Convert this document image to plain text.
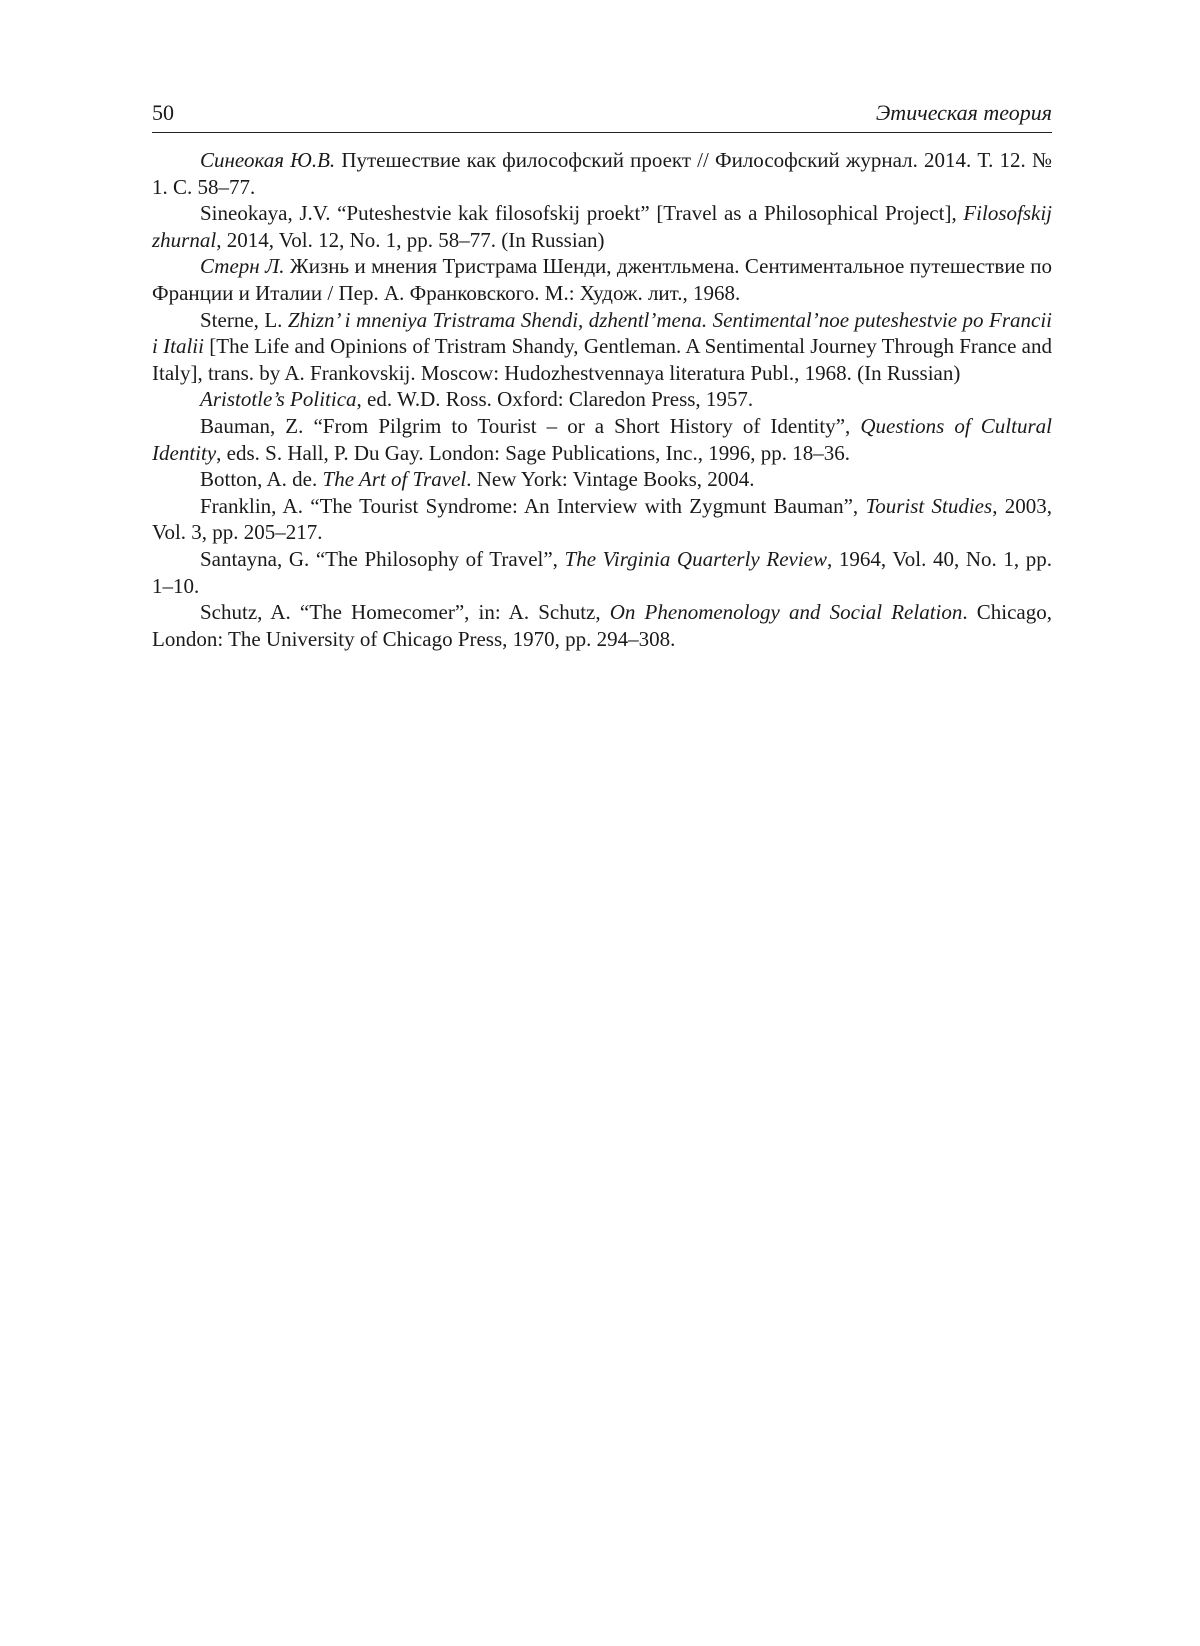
50	Этическая теория

Синеокая Ю.В. Путешествие как философский проект // Философский журнал. 2014. Т. 12. № 1. С. 58–77.

Sineokaya, J.V. “Puteshestvie kak filosofskij proekt” [Travel as a Philosophical Project], Filosofskij zhurnal, 2014, Vol. 12, No. 1, pp. 58–77. (In Russian)

Стерн Л. Жизнь и мнения Тристрама Шенди, джентльмена. Сентиментальное путешествие по Франции и Италии / Пер. А. Франковского. М.: Худож. лит., 1968.

Sterne, L. Zhizn’ i mneniya Tristrama Shendi, dzhentl’mena. Sentimental’noe puteshestvie po Francii i Italii [The Life and Opinions of Tristram Shandy, Gentleman. A Sentimental Journey Through France and Italy], trans. by A. Frankovskij. Moscow: Hudozhestvennaya literatura Publ., 1968. (In Russian)

Aristotle’s Politica, ed. W.D. Ross. Oxford: Claredon Press, 1957.

Bauman, Z. “From Pilgrim to Tourist – or a Short History of Identity”, Questions of Cultural Identity, eds. S. Hall, P. Du Gay. London: Sage Publications, Inc., 1996, pp. 18–36.

Botton, A. de. The Art of Travel. New York: Vintage Books, 2004.

Franklin, A. “The Tourist Syndrome: An Interview with Zygmunt Bauman”, Tourist Studies, 2003, Vol. 3, pp. 205–217.

Santayna, G. “The Philosophy of Travel”, The Virginia Quarterly Review, 1964, Vol. 40, No. 1, pp. 1–10.

Schutz, A. “The Homecomer”, in: A. Schutz, On Phenomenology and Social Relation. Chicago, London: The University of Chicago Press, 1970, pp. 294–308.
